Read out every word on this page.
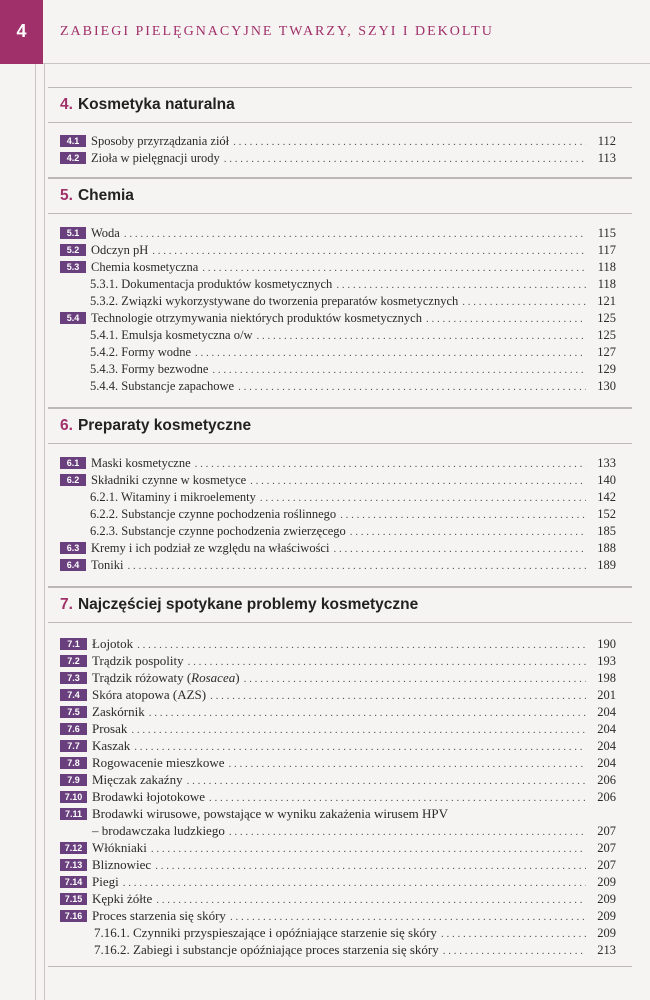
4 ZABIEGI PIELĘGNACYJNE TWARZY, SZYI I DEKOLTU
4. Kosmetyka naturalna
4.1 Sposoby przyrządzania ziół . . .	112
4.2 Zioła w pielęgnacji urody . . .	113
5. Chemia
5.1 Woda . . .	115
5.2 Odczyn pH . . .	117
5.3 Chemia kosmetyczna . . .	118
5.3.1. Dokumentacja produktów kosmetycznych . . .	118
5.3.2. Związki wykorzystywane do tworzenia preparatów kosmetycznych . . .	121
5.4 Technologie otrzymywania niektórych produktów kosmetycznych . . .	125
5.4.1. Emulsja kosmetyczna o/w . . .	125
5.4.2. Formy wodne . . .	127
5.4.3. Formy bezwodne . . .	129
5.4.4. Substancje zapachowe . . .	130
6. Preparaty kosmetyczne
6.1 Maski kosmetyczne . . .	133
6.2 Składniki czynne w kosmetyce . . .	140
6.2.1. Witaminy i mikroelementy . . .	142
6.2.2. Substancje czynne pochodzenia roślinnego . . .	152
6.2.3. Substancje czynne pochodzenia zwierzęcego . . .	185
6.3 Kremy i ich podział ze względu na właściwości . . .	188
6.4 Toniki . . .	189
7. Najczęściej spotykane problemy kosmetyczne
7.1 Łojotok . . .	190
7.2 Trądzik pospolity . . .	193
7.3 Trądzik różowaty (Rosacea) . . .	198
7.4 Skóra atopowa (AZS) . . .	201
7.5 Zaskórnik . . .	204
7.6 Prosak . . .	204
7.7 Kaszak . . .	204
7.8 Rogowacenie mieszkowe . . .	204
7.9 Mięczak zakaźny . . .	206
7.10 Brodawki łojotokowe . . .	206
7.11 Brodawki wirusowe, powstające w wyniku zakażenia wirusem HPV
– brodawczaka ludzkiego . . .	207
7.12 Włókniaki . . .	207
7.13 Bliznowiec . . .	207
7.14 Piegi . . .	209
7.15 Kępki żółte . . .	209
7.16 Proces starzenia się skóry . . .	209
7.16.1. Czynniki przyspieszające i opóźniające starzenie się skóry . . .	209
7.16.2. Zabiegi i substancje opóźniające proces starzenia się skóry . . .	213
